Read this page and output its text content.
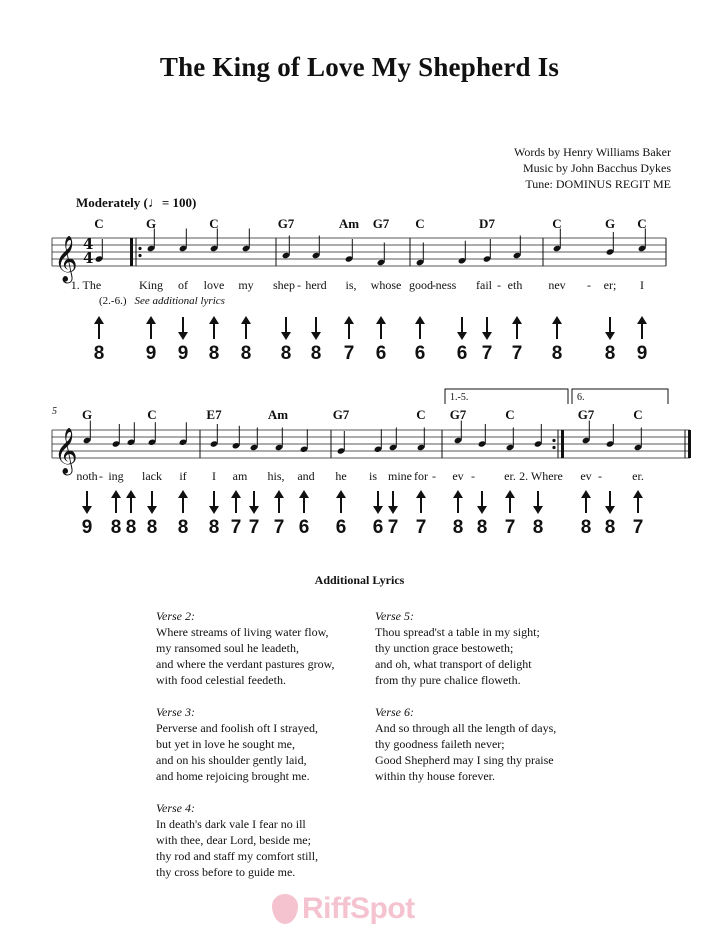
The King of Love My Shepherd Is
Words by Henry Williams Baker
Music by John Bacchus Dykes
Tune: DOMINUS REGIT ME
Moderately (♩= 100)
𝄞
𝄞
4
4
5
1.-5.	6.
C	G	C	G7	Am G7 C	D7	C	G C
1. The	King of love my shep - herd is, whose good - ness fail - eth nev - er; I
8 9 9 8 8 8 8 7 6 6 6 7 7 8 8 9
G	C	E7	Am	G7	C G7	C	G7	C
noth - ing lack if I am his, and he is mine for - ev - er. 2. Where ev -	er.
9 8 8 8 8 8 7 7 7 6 6 6 7 7 8 8 7 8 8 8 7
(2.-6.) See additional lyrics
Additional Lyrics
Verse 2:
Where streams of living water flow,
my ransomed soul he leadeth,
and where the verdant pastures grow,
with food celestial feedeth.
Verse 3:
Perverse and foolish oft I strayed,
but yet in love he sought me,
and on his shoulder gently laid,
and home rejoicing brought me.
Verse 4:
In death's dark vale I fear no ill
with thee, dear Lord, beside me;
thy rod and staff my comfort still,
thy cross before to guide me.
Verse 5:
Thou spread'st a table in my sight;
thy unction grace bestoweth;
and oh, what transport of delight
from thy pure chalice floweth.
Verse 6:
And so through all the length of days,
thy goodness faileth never;
Good Shepherd may I sing thy praise
within thy house forever.
RiffSpot
